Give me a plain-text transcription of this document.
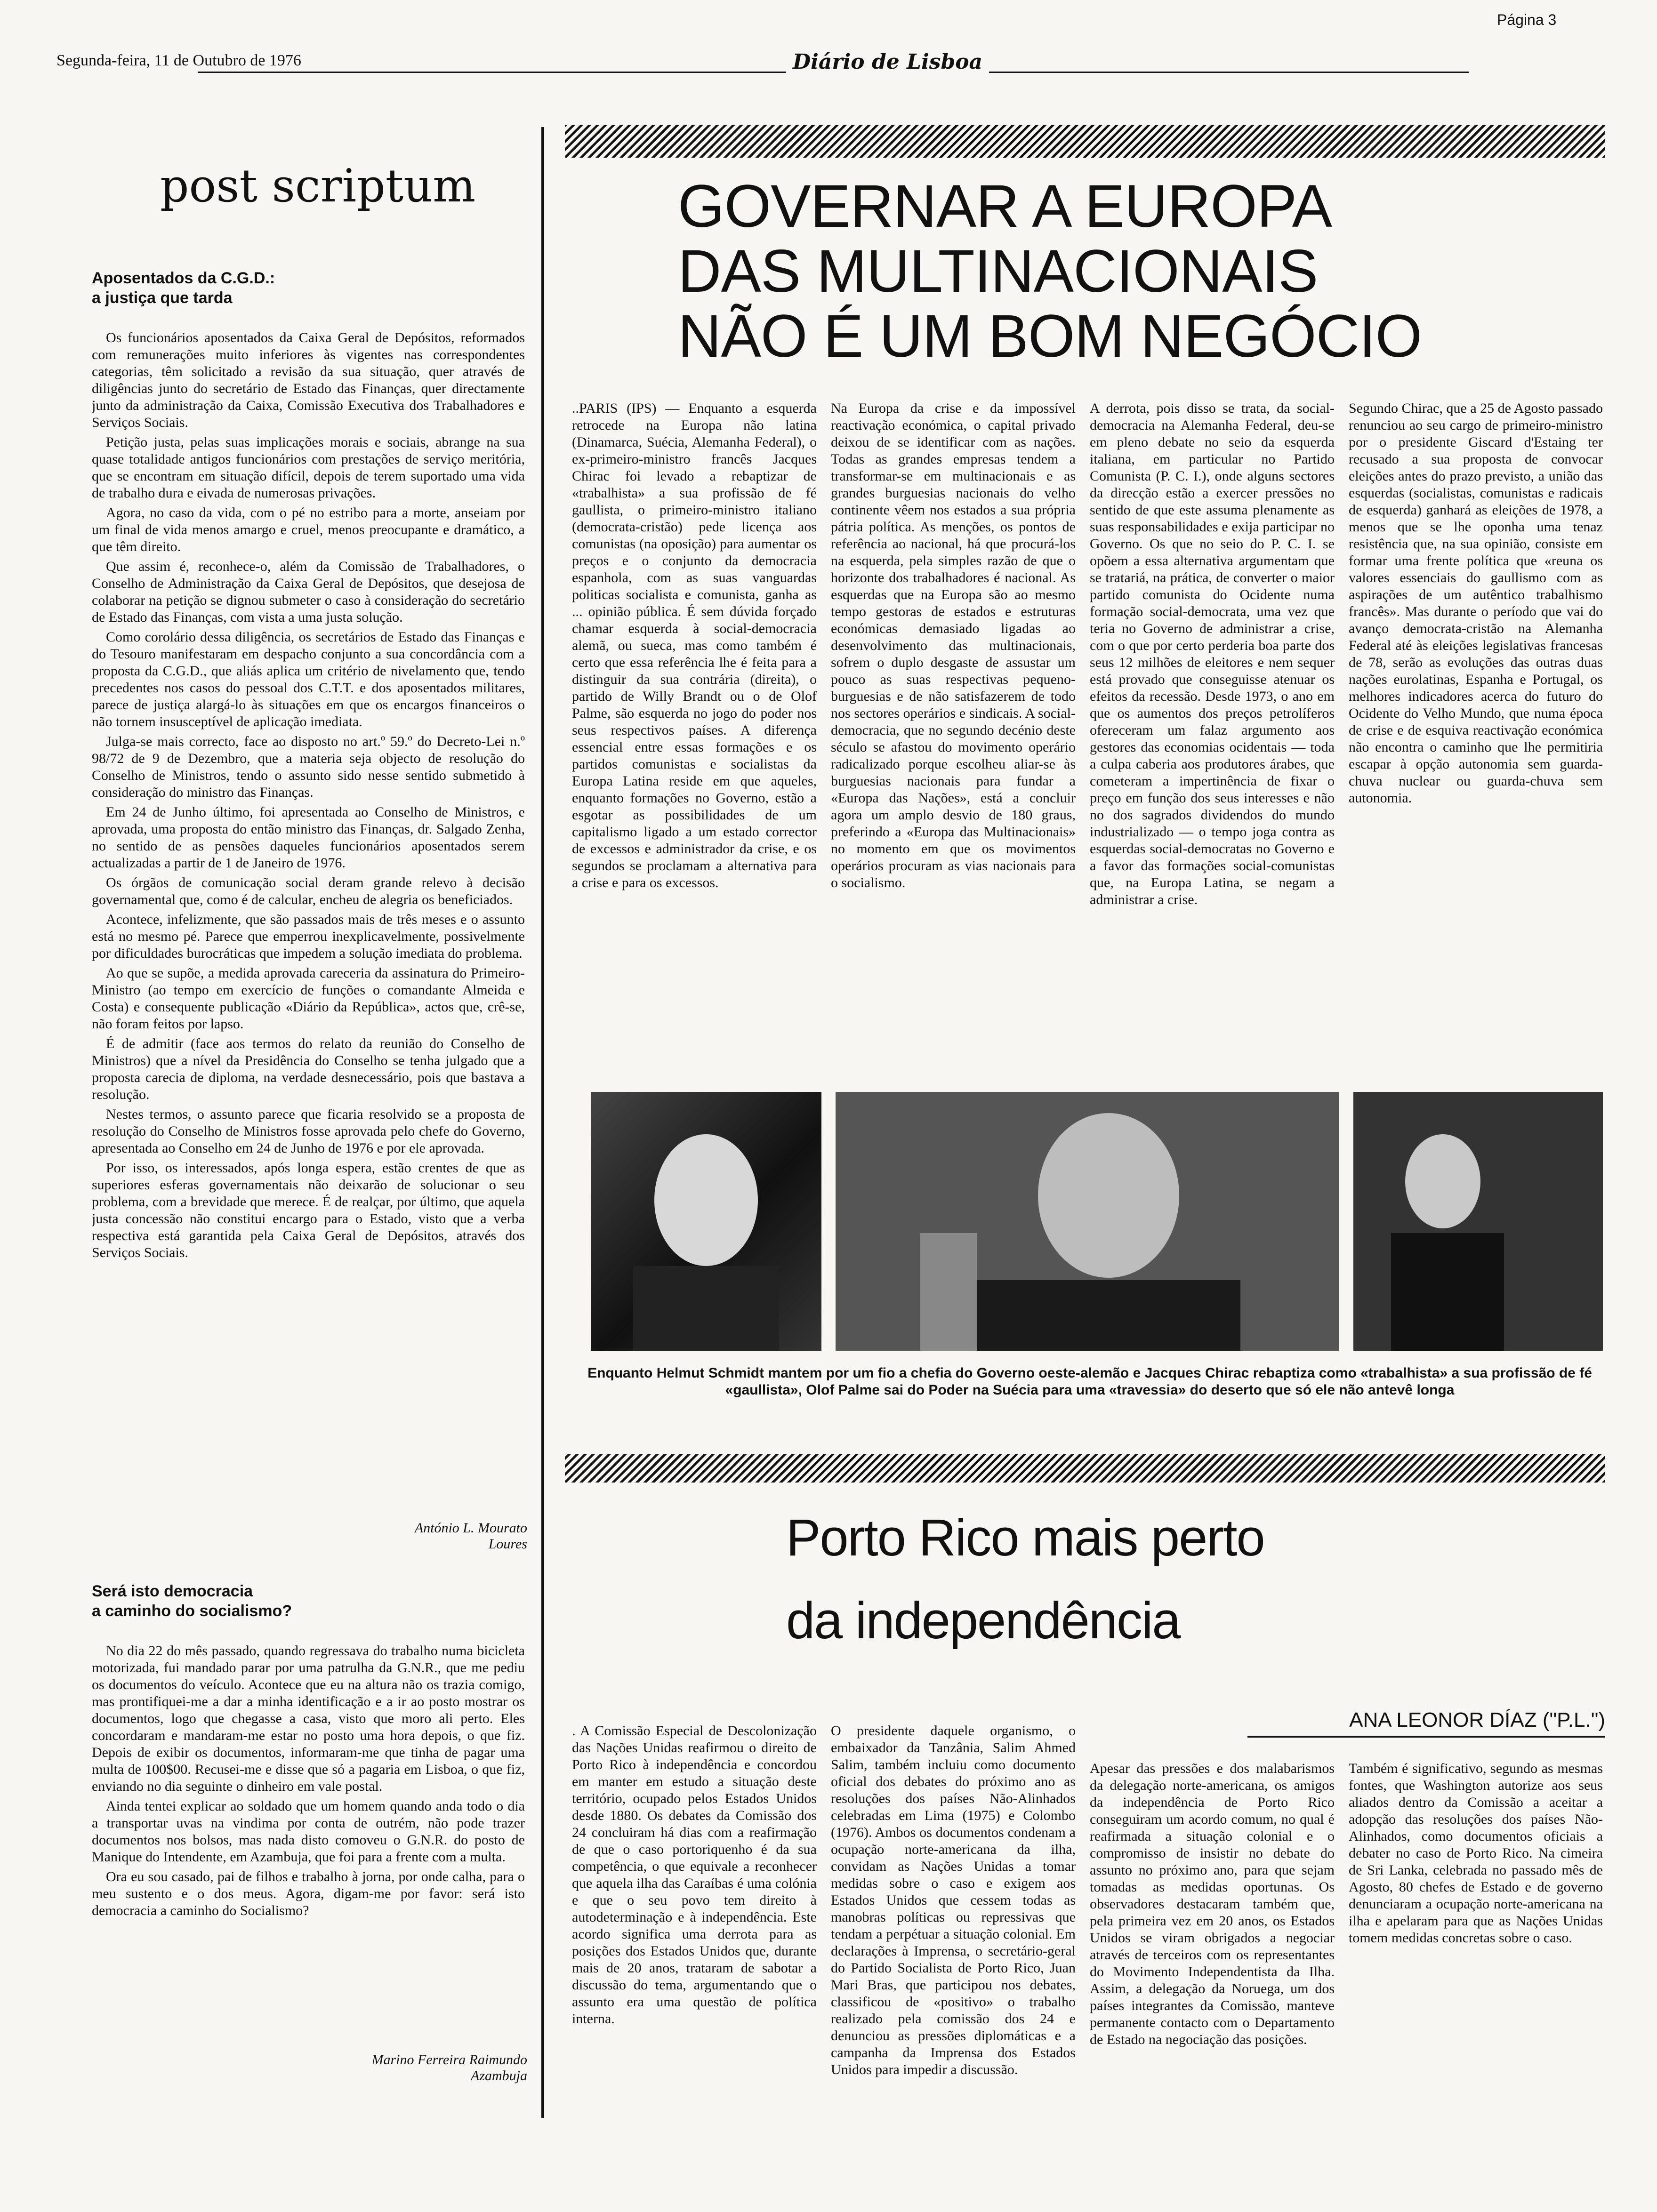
Segunda-feira, 11 de Outubro de 1976	Diário de Lisboa
Página 3
post scriptum
Aposentados da C.G.D.:
a justiça que tarda

Os funcionários aposentados da Caixa Geral de Depósitos, reformados com remunerações muito inferiores às vigentes nas correspondentes categorias, têm solicitado a revisão da sua situação, quer através de diligências junto do secretário de Estado das Finanças, quer directamente junto da administração da Caixa, Comissão Executiva dos Trabalhadores e Serviços Sociais.

Petição justa, pelas suas implicações morais e sociais, abrange na sua quase totalidade antigos funcionários com prestações de serviço meritória, que se encontram em situação difícil, depois de terem suportado uma vida de trabalho dura e eivada de numerosas privações.

Agora, no caso da vida, com o pé no estribo para a morte, anseiam por um final de vida menos amargo e cruel, menos preocupante e dramático, a que têm direito.

Que assim é, reconhece-o, além da Comissão de Trabalhadores, o Conselho de Administração da Caixa Geral de Depósitos, que desejosa de colaborar na petição se dignou submeter o caso à consideração do secretário de Estado das Finanças, com vista a uma justa solução.

Como corolário dessa diligência, os secretários de Estado das Finanças e do Tesouro manifestaram em despacho conjunto a sua concordância com a proposta da C.G.D., que aliás aplica um critério de nivelamento que, tendo precedentes nos casos do pessoal dos C.T.T. e dos aposentados militares, parece de justiça alargá-lo às situações em que os encargos financeiros o não tornem insusceptível de aplicação imediata.

Julga-se mais correcto, face ao disposto no art.º 59.º do Decreto-Lei n.º 98/72 de 9 de Dezembro, que a materia seja objecto de resolução do Conselho de Ministros, tendo o assunto sido nesse sentido submetido à consideração do ministro das Finanças.

Em 24 de Junho último, foi apresentada ao Conselho de Ministros, e aprovada, uma proposta do então ministro das Finanças, dr. Salgado Zenha, no sentido de as pensões daqueles funcionários aposentados serem actualizadas a partir de 1 de Janeiro de 1976.

Os órgãos de comunicação social deram grande relevo à decisão governamental que, como é de calcular, encheu de alegria os beneficiados.

Acontece, infelizmente, que são passados mais de três meses e o assunto está no mesmo pé. Parece que emperrou inexplicavelmente, possivelmente por dificuldades burocráticas que impedem a solução imediata do problema.

Ao que se supõe, a medida aprovada careceria da assinatura do Primeiro-Ministro (ao tempo em exercício de funções o comandante Almeida e Costa) e consequente publicação «Diário da República», actos que, crê-se, não foram feitos por lapso.

É de admitir (face aos termos do relato da reunião do Conselho de Ministros) que a nível da Presidência do Conselho se tenha julgado que a proposta carecia de diploma, na verdade desnecessário, pois que bastava a resolução.

Nestes termos, o assunto parece que ficaria resolvido se a proposta de resolução do Conselho de Ministros fosse aprovada pelo chefe do Governo, apresentada ao Conselho em 24 de Junho de 1976 e por ele aprovada.

Por isso, os interessados, após longa espera, estão crentes de que as superiores esferas governamentais não deixarão de solucionar o seu problema, com a brevidade que merece. É de realçar, por último, que aquela justa concessão não constitui encargo para o Estado, visto que a verba respectiva está garantida pela Caixa Geral de Depósitos, através dos Serviços Sociais.

António L. Mourato
Loures
Será isto democracia
a caminho do socialismo?

No dia 22 do mês passado, quando regressava do trabalho numa bicicleta motorizada, fui mandado parar por uma patrulha da G.N.R., que me pediu os documentos do veículo. Acontece que eu na altura não os trazia comigo, mas prontifiquei-me a dar a minha identificação e a ir ao posto mostrar os documentos, logo que chegasse a casa, visto que moro ali perto. Eles concordaram e mandaram-me estar no posto uma hora depois, o que fiz. Depois de exibir os documentos, informaram-me que tinha de pagar uma multa de 100$00. Recusei-me e disse que só a pagaria em Lisboa, o que fiz, enviando no dia seguinte o dinheiro em vale postal.

Ainda tentei explicar ao soldado que um homem quando anda todo o dia a transportar uvas na vindima por conta de outrém, não pode trazer documentos nos bolsos, mas nada disto comoveu o G.N.R. do posto de Manique do Intendente, em Azambuja, que foi para a frente com a multa.

Ora eu sou casado, pai de filhos e trabalho à jorna, por onde calha, para o meu sustento e o dos meus. Agora, digam-me por favor: será isto democracia a caminho do Socialismo?

Marino Ferreira Raimundo
Azambuja
GOVERNAR A EUROPA
DAS MULTINACIONAIS
NÃO É UM BOM NEGÓCIO
..PARIS (IPS) — Enquanto a esquerda retrocede na Europa não latina (Dinamarca, Suécia, Alemanha Federal), o ex-primeiro-ministro francês Jacques Chirac foi levado a rebaptizar de «trabalhista» a sua profissão de fé gaullista, o primeiro-ministro italiano (democrata-cristão) pede licença aos comunistas (na oposição) para aumentar os preços e o conjunto da democracia espanhola, com as suas vanguardas politicas socialista e comunista, ganha as ... opinião pública. É sem dúvida forçado chamar esquerda à social-democracia alemã, ou sueca, mas como também é certo que essa referência lhe é feita para a distinguir da sua contrária (direita), o partido de Willy Brandt ou o de Olof Palme, são esquerda no jogo do poder nos seus respectivos países. A diferença essencial entre essas formações e os partidos comunistas e socialistas da Europa Latina reside em que aqueles, enquanto formações no Governo, estão a esgotar as possibilidades de um capitalismo ligado a um estado corrector de excessos e administrador da crise, e os segundos se proclamam a alternativa para a crise e para os excessos.
Na Europa da crise e da impossível reactivação económica, o capital privado deixou de se identificar com as nações. Todas as grandes empresas tendem a transformar-se em multinacionais e as grandes burguesias nacionais do velho continente vêem nos estados a sua própria pátria política. As menções, os pontos de referência ao nacional, há que procurá-los na esquerda, pela simples razão de que o horizonte dos trabalhadores é nacional. As esquerdas que na Europa são ao mesmo tempo gestoras de estados e estruturas económicas demasiado ligadas ao desenvolvimento das multinacionais, sofrem o duplo desgaste de assustar um pouco as suas respectivas pequeno-burguesias e de não satisfazerem de todo nos sectores operários e sindicais. A social-democracia, que no segundo decénio deste século se afastou do movimento operário radicalizado porque escolheu aliar-se às burguesias nacionais para fundar a «Europa das Nações», está a concluir agora um amplo desvio de 180 graus, preferindo a «Europa das Multinacionais» no momento em que os movimentos operários procuram as vias nacionais para o socialismo.
A derrota, pois disso se trata, da social-democracia na Alemanha Federal, deu-se em pleno debate no seio da esquerda italiana, em particular no Partido Comunista (P. C. I.), onde alguns sectores da direcção estão a exercer pressões no sentido de que este assuma plenamente as suas responsabilidades e exija participar no Governo. Os que no seio do P. C. I. se opõem a essa alternativa argumentam que se tratariá, na prática, de converter o maior partido comunista do Ocidente numa formação social-democrata, uma vez que teria no Governo de administrar a crise, com o que por certo perderia boa parte dos seus 12 milhões de eleitores e nem sequer está provado que conseguisse atenuar os efeitos da recessão. Desde 1973, o ano em que os aumentos dos preços petrolíferos ofereceram um falaz argumento aos gestores das economias ocidentais — toda a culpa caberia aos produtores árabes, que cometeram a impertinência de fixar o preço em função dos seus interesses e não no dos sagrados dividendos do mundo industrializado — o tempo joga contra as esquerdas social-democratas no Governo e a favor das formações social-comunistas que, na Europa Latina, se negam a administrar a crise.
Segundo Chirac, que a 25 de Agosto passado renunciou ao seu cargo de primeiro-ministro por o presidente Giscard d'Estaing ter recusado a sua proposta de convocar eleições antes do prazo previsto, a união das esquerdas (socialistas, comunistas e radicais de esquerda) ganhará as eleições de 1978, a menos que se lhe oponha uma tenaz resistência que, na sua opinião, consiste em formar uma frente política que «reuna os valores essenciais do gaullismo com as aspirações de um autêntico trabalhismo francês». Mas durante o período que vai do avanço democrata-cristão na Alemanha Federal até às eleições legislativas francesas de 78, serão as evoluções das outras duas nações eurolatinas, Espanha e Portugal, os melhores indicadores acerca do futuro do Ocidente do Velho Mundo, que numa época de crise e de esquiva reactivação económica não encontra o caminho que lhe permitiria escapar à opção autonomia sem guarda-chuva nuclear ou guarda-chuva sem autonomia.
Enquanto Helmut Schmidt mantem por um fio a chefia do Governo oeste-alemão e Jacques Chirac rebaptiza como «trabalhista» a sua profissão de fé «gaullista», Olof Palme sai do Poder na Suécia para uma «travessia» do deserto que só ele não antevê longa
Porto Rico mais perto
da independência
ANA LEONOR DÍAZ ("P.L.")
. A Comissão Especial de Descolonização das Nações Unidas reafirmou o direito de Porto Rico à independência e concordou em manter em estudo a situação deste território, ocupado pelos Estados Unidos desde 1880. Os debates da Comissão dos 24 concluiram há dias com a reafirmação de que o caso portoriquenho é da sua competência, o que equivale a reconhecer que aquela ilha das Caraíbas é uma colónia e que o seu povo tem direito à autodeterminação e à independência. Este acordo significa uma derrota para as posições dos Estados Unidos que, durante mais de 20 anos, trataram de sabotar a discussão do tema, argumentando que o assunto era uma questão de política interna.
O presidente daquele organismo, o embaixador da Tanzânia, Salim Ahmed Salim, também incluiu como documento oficial dos debates do próximo ano as resoluções dos países Não-Alinhados celebradas em Lima (1975) e Colombo (1976). Ambos os documentos condenam a ocupação norte-americana da ilha, convidam as Nações Unidas a tomar medidas sobre o caso e exigem aos Estados Unidos que cessem todas as manobras políticas ou repressivas que tendam a perpétuar a situação colonial. Em declarações à Imprensa, o secretário-geral do Partido Socialista de Porto Rico, Juan Mari Bras, que participou nos debates, classificou de «positivo» o trabalho realizado pela comissão dos 24 e denunciou as pressões diplomáticas e a campanha da Imprensa dos Estados Unidos para impedir a discussão.
Apesar das pressões e dos malabarismos da delegação norte-americana, os amigos da independência de Porto Rico conseguiram um acordo comum, no qual é reafirmada a situação colonial e o compromisso de insistir no debate do assunto no próximo ano, para que sejam tomadas as medidas oportunas. Os observadores destacaram também que, pela primeira vez em 20 anos, os Estados Unidos se viram obrigados a negociar através de terceiros com os representantes do Movimento Independentista da Ilha. Assim, a delegação da Noruega, um dos países integrantes da Comissão, manteve permanente contacto com o Departamento de Estado na negociação das posições.
Também é significativo, segundo as mesmas fontes, que Washington autorize aos seus aliados dentro da Comissão a aceitar a adopção das resoluções dos países Não-Alinhados, como documentos oficiais a debater no caso de Porto Rico. Na cimeira de Sri Lanka, celebrada no passado mês de Agosto, 80 chefes de Estado e de governo denunciaram a ocupação norte-americana na ilha e apelaram para que as Nações Unidas tomem medidas concretas sobre o caso.
